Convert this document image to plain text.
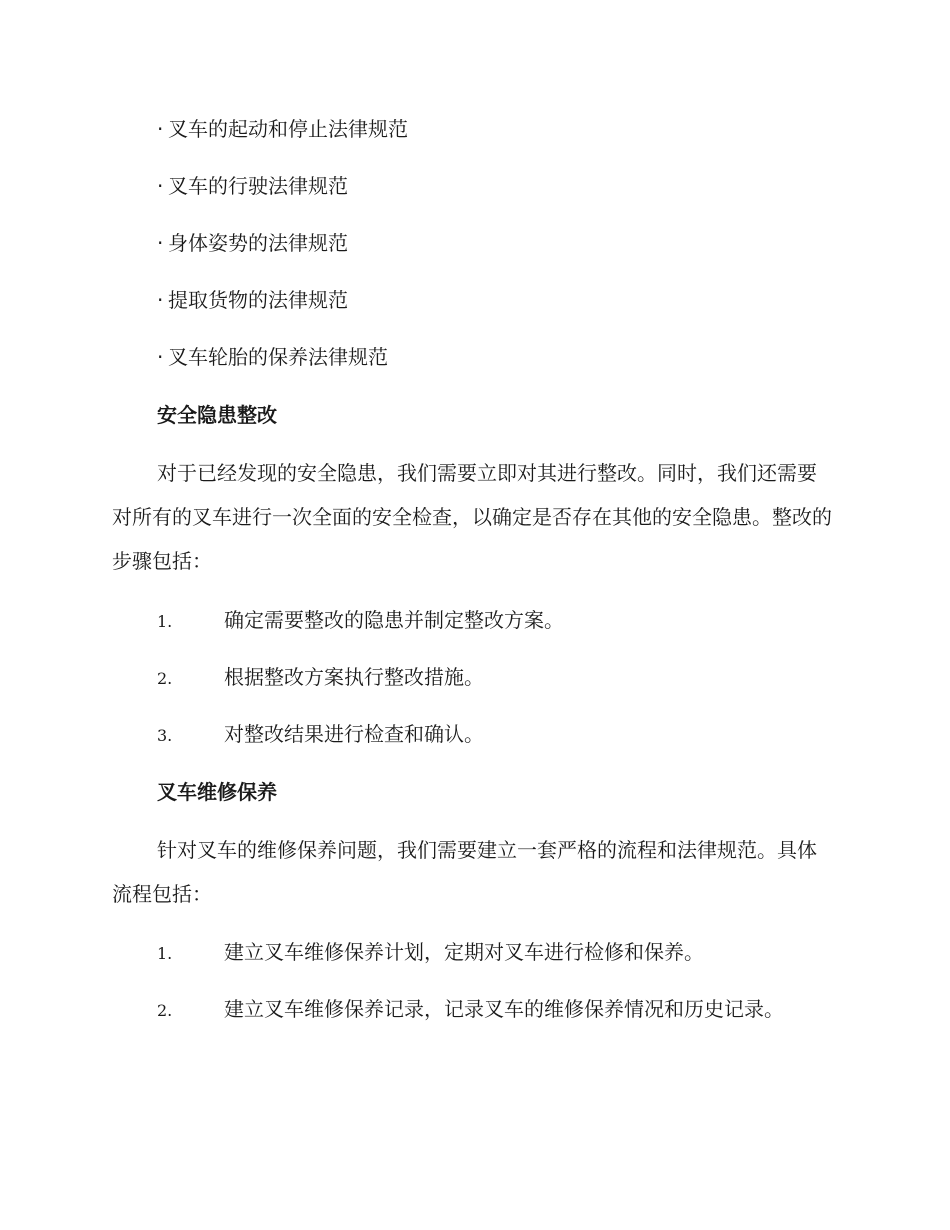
· 叉车的起动和停止法律规范
· 叉车的行驶法律规范
· 身体姿势的法律规范
· 提取货物的法律规范
· 叉车轮胎的保养法律规范
安全隐患整改

对于已经发现的安全隐患，我们需要立即对其进行整改。同时，我们还需要对所有的叉车进行一次全面的安全检查，以确定是否存在其他的安全隐患。整改的步骤包括：

1.	确定需要整改的隐患并制定整改方案。
2.	根据整改方案执行整改措施。
3.	对整改结果进行检查和确认。
叉车维修保养

针对叉车的维修保养问题，我们需要建立一套严格的流程和法律规范。具体流程包括：

1.	建立叉车维修保养计划，定期对叉车进行检修和保养。
2.	建立叉车维修保养记录，记录叉车的维修保养情况和历史记录。
